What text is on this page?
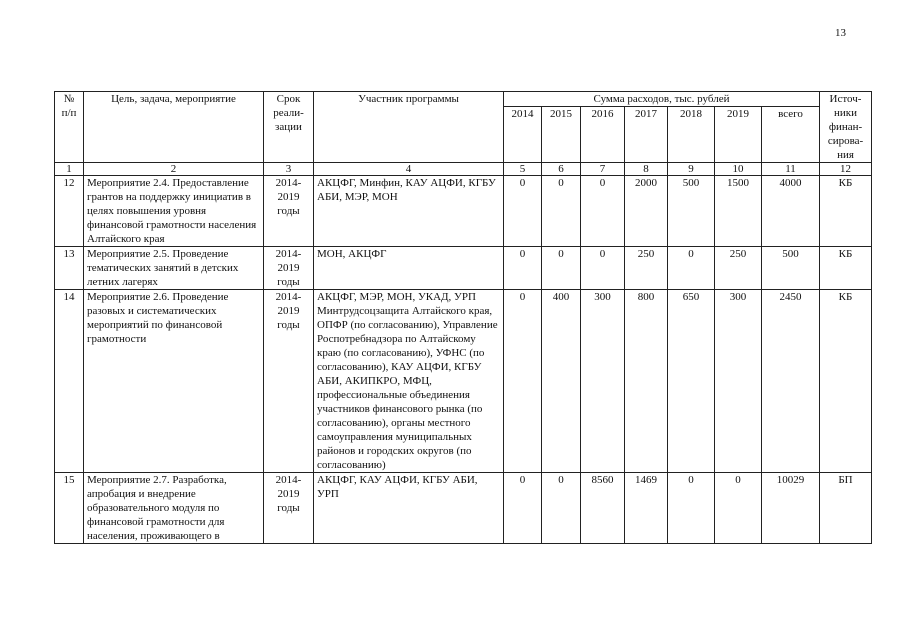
13
№ п/п	Цель, задача, мероприятие	Срок реали-зации	Участник программы	Сумма расходов, тыс. рублей							Источ-ники финан-сирова-ния
				2014	2015	2016	2017	2018	2019	всего	
1	2	3	4	5	6	7	8	9	10	11	12
12	Мероприятие 2.4. Предоставление грантов на поддержку инициатив в целях повышения уровня финансовой грамотности населения Алтайского края	2014-2019 годы	АКЦФГ, Минфин, КАУ АЦФИ, КГБУ АБИ, МЭР, МОН	0	0	0	2000	500	1500	4000	КБ
13	Мероприятие 2.5. Проведение тематических занятий в детских летних лагерях	2014-2019 годы	МОН, АКЦФГ	0	0	0	250	0	250	500	КБ
14	Мероприятие 2.6. Проведение разовых и систематических мероприятий по финансовой грамотности	2014-2019 годы	АКЦФГ, МЭР, МОН, УКАД, УРП Минтрудсоцзащита Алтайского края, ОПФР (по согласованию), Управление Роспотребнадзора по Алтайскому краю (по согласованию), УФНС (по согласованию), КАУ АЦФИ, КГБУ АБИ, АКИПКРО, МФЦ, профессиональные объединения участников финансового рынка (по согласованию), органы местного самоуправления муниципальных районов и городских округов (по согласованию)	0	400	300	800	650	300	2450	КБ
15	Мероприятие 2.7. Разработка, апробация и внедрение образовательного модуля по финансовой грамотности для населения, проживающего в	2014-2019 годы	АКЦФГ, КАУ АЦФИ, КГБУ АБИ, УРП	0	0	8560	1469	0	0	10029	БП
